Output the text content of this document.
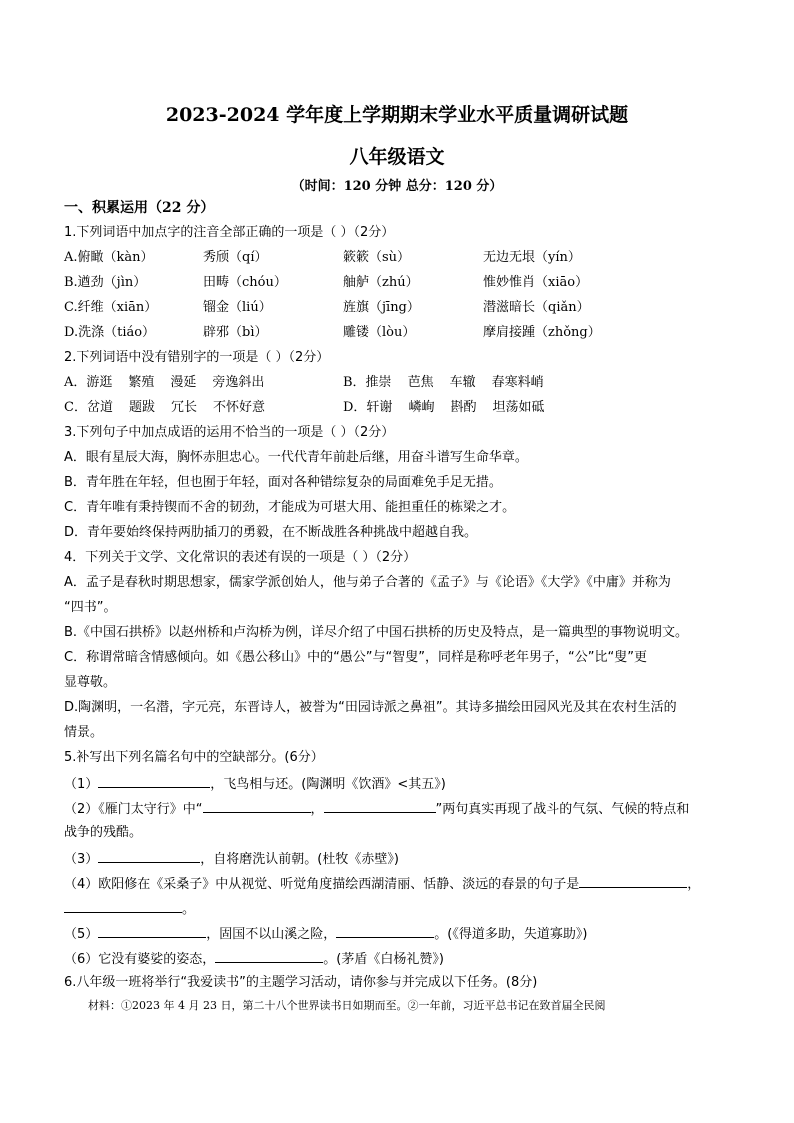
2023-2024 学年度上学期期末学业水平质量调研试题
八年级语文
（时间：120 分钟 总分：120 分）
一、积累运用（22 分）
1.下列词语中加点字的注音全部正确的一项是（ ）（2分）
A.俯瞰（kàn）	秀颀（qí）	簌簌（sù）	无边无垠（yín）
B.遒劲（jìn）	田畴（chóu）	舳舻（zhú）	惟妙惟肖（xiāo）
C.纤维（xiān）	镏金（liú）	旌旗（jīng）	潜滋暗长（qiǎn）
D.洗涤（tiáo）	辟邪（bì）	雕镂（lòu）	摩肩接踵（zhǒng）
2.下列词语中没有错别字的一项是（ ）（2分）
A．游逛 繁殖 漫延 旁逸斜出	B．推崇 芭焦 车辙 春寒料峭
C．岔道 题跋 冗长 不怀好意	D．轩谢 嶙峋 斟酌 坦荡如砥
3.下列句子中加点成语的运用不恰当的一项是（ ）（2分）
A．眼有星辰大海，胸怀赤胆忠心。一代代青年前赴后继，用奋斗谱写生命华章。
B．青年胜在年轻，但也囿于年轻，面对各种错综复杂的局面难免手足无措。
C．青年唯有秉持锲而不舍的韧劲，才能成为可堪大用、能担重任的栋梁之才。
D．青年要始终保持两肋插刀的勇毅，在不断战胜各种挑战中超越自我。
4．下列关于文学、文化常识的表述有误的一项是（ ）（2分）
A．孟子是春秋时期思想家，儒家学派创始人，他与弟子合著的《孟子》与《论语》《大学》《中庸》并称为
“四书”。
B.《中国石拱桥》以赵州桥和卢沟桥为例，详尽介绍了中国石拱桥的历史及特点，是一篇典型的事物说明文。
C．称谓常暗含情感倾向。如《愚公移山》中的“愚公”与“智叟”，同样是称呼老年男子，“公”比“叟”更
显尊敬。
D.陶渊明，一名潜，字元亮，东晋诗人，被誉为“田园诗派之鼻祖”。其诗多描绘田园风光及其在农村生活的
情景。
5.补写出下列名篇名句中的空缺部分。(6分）
（1）	，飞鸟相与还。(陶渊明《饮酒》<其五》)
（2）《雁门太守行》中“	，	”两句真实再现了战斗的气氛、气候的特点和
战争的残酷。
（3）	，自将磨洗认前朝。(杜牧《赤壁》)
（4）欧阳修在《采桑子》中从视觉、听觉角度描绘西湖清丽、恬静、淡远的春景的句子是	，
。
（5）	，固国不以山溪之险，	。(《得道多助，失道寡助》)
（6）它没有婆娑的姿态，	。(茅盾《白杨礼赞》)
6.八年级一班将举行“我爱读书”的主题学习活动，请你参与并完成以下任务。(8分)
材料：①2023 年 4 月 23 日，第二十八个世界读书日如期而至。②一年前，习近平总书记在致首届全民阅
